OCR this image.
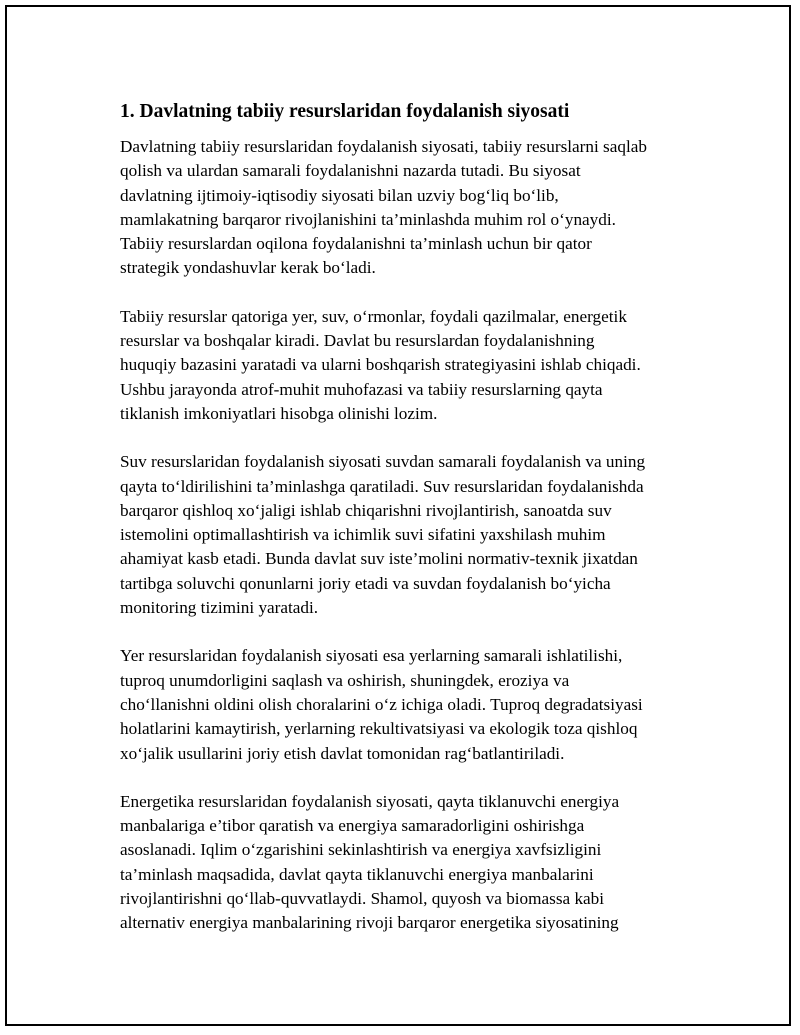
1. Davlatning tabiiy resurslaridan foydalanish siyosati
Davlatning tabiiy resurslaridan foydalanish siyosati, tabiiy resurslarni saqlab
qolish va ulardan samarali foydalanishni nazarda tutadi. Bu siyosat
davlatning ijtimoiy-iqtisodiy siyosati bilan uzviy bog‘liq bo‘lib,
mamlakatning barqaror rivojlanishini ta’minlashda muhim rol o‘ynaydi.
Tabiiy resurslardan oqilona foydalanishni ta’minlash uchun bir qator
strategik yondashuvlar kerak bo‘ladi.
Tabiiy resurslar qatoriga yer, suv, o‘rmonlar, foydali qazilmalar, energetik
resurslar va boshqalar kiradi. Davlat bu resurslardan foydalanishning
huquqiy bazasini yaratadi va ularni boshqarish strategiyasini ishlab chiqadi.
Ushbu jarayonda atrof-muhit muhofazasi va tabiiy resurslarning qayta
tiklanish imkoniyatlari hisobga olinishi lozim.
Suv resurslaridan foydalanish siyosati suvdan samarali foydalanish va uning
qayta to‘ldirilishini ta’minlashga qaratiladi. Suv resurslaridan foydalanishda
barqaror qishloq xo‘jaligi ishlab chiqarishni rivojlantirish, sanoatda suv
istemolini optimallashtirish va ichimlik suvi sifatini yaxshilash muhim
ahamiyat kasb etadi. Bunda davlat suv iste’molini normativ-texnik jixatdan
tartibga soluvchi qonunlarni joriy etadi va suvdan foydalanish bo‘yicha
monitoring tizimini yaratadi.
Yer resurslaridan foydalanish siyosati esa yerlarning samarali ishlatilishi,
tuproq unumdorligini saqlash va oshirish, shuningdek, eroziya va
cho‘llanishni oldini olish choralarini o‘z ichiga oladi. Tuproq degradatsiyasi
holatlarini kamaytirish, yerlarning rekultivatsiyasi va ekologik toza qishloq
xo‘jalik usullarini joriy etish davlat tomonidan rag‘batlantiriladi.
Energetika resurslaridan foydalanish siyosati, qayta tiklanuvchi energiya
manbalariga e’tibor qaratish va energiya samaradorligini oshirishga
asoslanadi. Iqlim o‘zgarishini sekinlashtirish va energiya xavfsizligini
ta’minlash maqsadida, davlat qayta tiklanuvchi energiya manbalarini
rivojlantirishni qo‘llab-quvvatlaydi. Shamol, quyosh va biomassa kabi
alternativ energiya manbalarining rivoji barqaror energetika siyosatining
